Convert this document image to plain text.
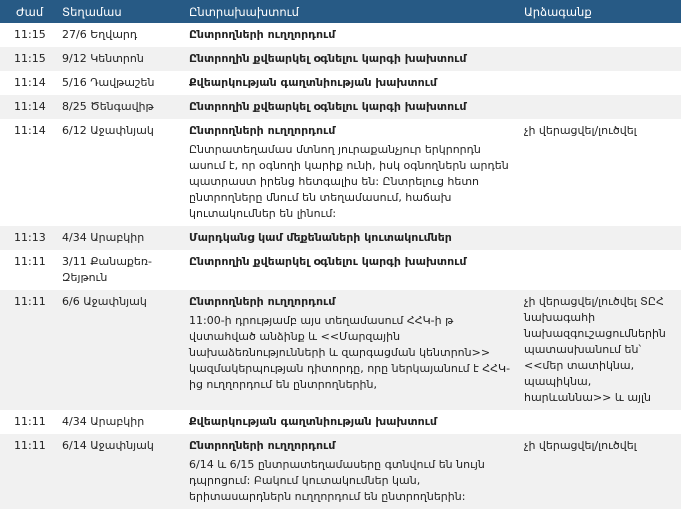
Ժամ	Տեղամաս	Ընտրախախտում	Արձագանք
11:15	27/6 Եղվարդ	Ընտրողների ուղղորդում	

11:15	9/12 Կենտրոն	Ընտրողին քվեարկել օգնելու կարգի խախտում	

11:14	5/16 Դավթաշեն	Քվեարկության գաղտնիության խախտում	

11:14	8/25 Ծենգավիթ	Ընտրողին քվեարկել օգնելու կարգի խախտում	

11:14	6/12 Աջափնյակ	Ընտրողների ուղղորդում
Ընտրատեղամաս մտնող յուրաքանչյուր երկրորդն ասում է, որ օգնողի կարիք ունի, իսկ օգնողներն արդեն պատրաստ իրենց հետգալիս են: Ընտրելուց հետո ընտրողները մնում են տեղամասում, հաճախ կուտակումներ են լինում:	չի վերացվել/լուծվել
11:13	4/34 Արաբկիր	Մարդկանց կամ մեքենաների կուտակումներ	

11:11	3/11 Քանաքեռ-Զեյթուն	Ընտրողին քվեարկել օգնելու կարգի խախտում	

11:11	6/6 Աջափնյակ	Ընտրողների ուղղորդում
11:00-ի դրությամբ այս տեղամասում ՀՀԿ-ի թ վստահված անձինք և <<Մարզային նախաձեռնությունների և զարգացման կենտրոն>> կազմակերպության դիտորդը, որը ներկայանում է ՀՀԿ-ից ուղղորդում են ընտրողներին,	չի վերացվել/լուծվել ՏԸՀ նախագահի նախազգուշացումներին պատասխանում են՝ <<մեր տատիկնա, պապիկնա, հարևաննա>> և այլն
11:11	4/34 Արաբկիր	Քվեարկության գաղտնիության խախտում	

11:11	6/14 Աջափնյակ	Ընտրողների ուղղորդում
6/14 և 6/15 ընտրատեղամասերը գտնվում են նույն դպրոցում: Բակում կուտակումներ կան, երիտասարդներն ուղղորդում են ընտրողներին:	չի վերացվել/լուծվել
